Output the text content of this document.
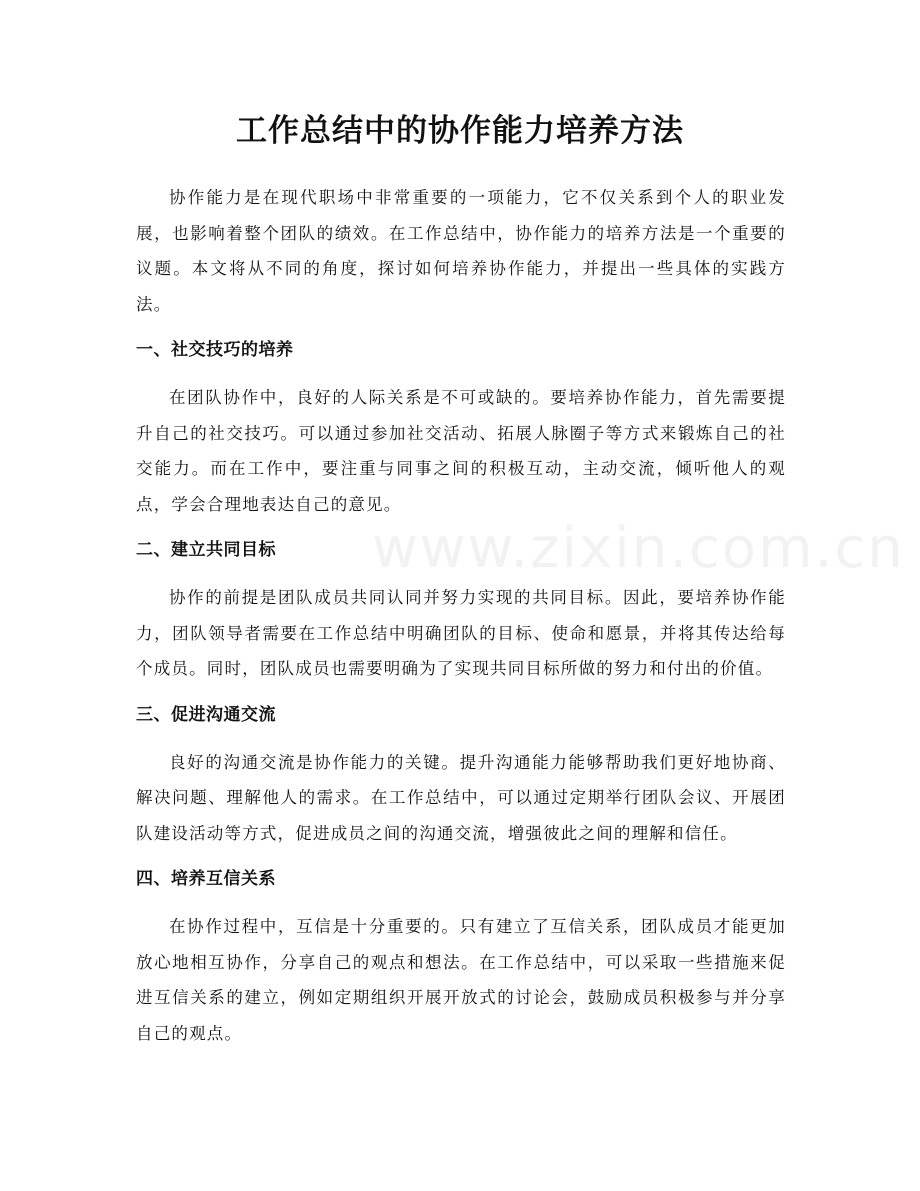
www.zixin.com.cn
工作总结中的协作能力培养方法

协作能力是在现代职场中非常重要的一项能力，它不仅关系到个人的职业发展，也影响着整个团队的绩效。在工作总结中，协作能力的培养方法是一个重要的议题。本文将从不同的角度，探讨如何培养协作能力，并提出一些具体的实践方法。

一、社交技巧的培养

在团队协作中，良好的人际关系是不可或缺的。要培养协作能力，首先需要提升自己的社交技巧。可以通过参加社交活动、拓展人脉圈子等方式来锻炼自己的社交能力。而在工作中，要注重与同事之间的积极互动，主动交流，倾听他人的观点，学会合理地表达自己的意见。

二、建立共同目标

协作的前提是团队成员共同认同并努力实现的共同目标。因此，要培养协作能力，团队领导者需要在工作总结中明确团队的目标、使命和愿景，并将其传达给每个成员。同时，团队成员也需要明确为了实现共同目标所做的努力和付出的价值。

三、促进沟通交流

良好的沟通交流是协作能力的关键。提升沟通能力能够帮助我们更好地协商、解决问题、理解他人的需求。在工作总结中，可以通过定期举行团队会议、开展团队建设活动等方式，促进成员之间的沟通交流，增强彼此之间的理解和信任。

四、培养互信关系

在协作过程中，互信是十分重要的。只有建立了互信关系，团队成员才能更加放心地相互协作，分享自己的观点和想法。在工作总结中，可以采取一些措施来促进互信关系的建立，例如定期组织开展开放式的讨论会，鼓励成员积极参与并分享自己的观点。
